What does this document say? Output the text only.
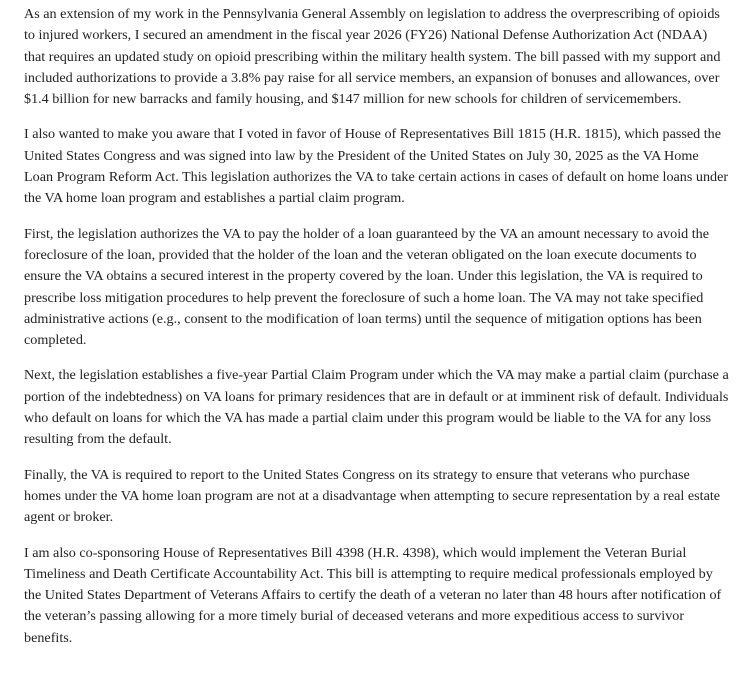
As an extension of my work in the Pennsylvania General Assembly on legislation to address the overprescribing of opioids to injured workers, I secured an amendment in the fiscal year 2026 (FY26) National Defense Authorization Act (NDAA) that requires an updated study on opioid prescribing within the military health system. The bill passed with my support and included authorizations to provide a 3.8% pay raise for all service members, an expansion of bonuses and allowances, over $1.4 billion for new barracks and family housing, and $147 million for new schools for children of servicemembers.

I also wanted to make you aware that I voted in favor of House of Representatives Bill 1815 (H.R. 1815), which passed the United States Congress and was signed into law by the President of the United States on July 30, 2025 as the VA Home Loan Program Reform Act. This legislation authorizes the VA to take certain actions in cases of default on home loans under the VA home loan program and establishes a partial claim program.

First, the legislation authorizes the VA to pay the holder of a loan guaranteed by the VA an amount necessary to avoid the foreclosure of the loan, provided that the holder of the loan and the veteran obligated on the loan execute documents to ensure the VA obtains a secured interest in the property covered by the loan. Under this legislation, the VA is required to prescribe loss mitigation procedures to help prevent the foreclosure of such a home loan. The VA may not take specified administrative actions (e.g., consent to the modification of loan terms) until the sequence of mitigation options has been completed.

Next, the legislation establishes a five-year Partial Claim Program under which the VA may make a partial claim (purchase a portion of the indebtedness) on VA loans for primary residences that are in default or at imminent risk of default. Individuals who default on loans for which the VA has made a partial claim under this program would be liable to the VA for any loss resulting from the default.

Finally, the VA is required to report to the United States Congress on its strategy to ensure that veterans who purchase homes under the VA home loan program are not at a disadvantage when attempting to secure representation by a real estate agent or broker.

I am also co-sponsoring House of Representatives Bill 4398 (H.R. 4398), which would implement the Veteran Burial Timeliness and Death Certificate Accountability Act. This bill is attempting to require medical professionals employed by the United States Department of Veterans Affairs to certify the death of a veteran no later than 48 hours after notification of the veteran’s passing allowing for a more timely burial of deceased veterans and more expeditious access to survivor benefits.
